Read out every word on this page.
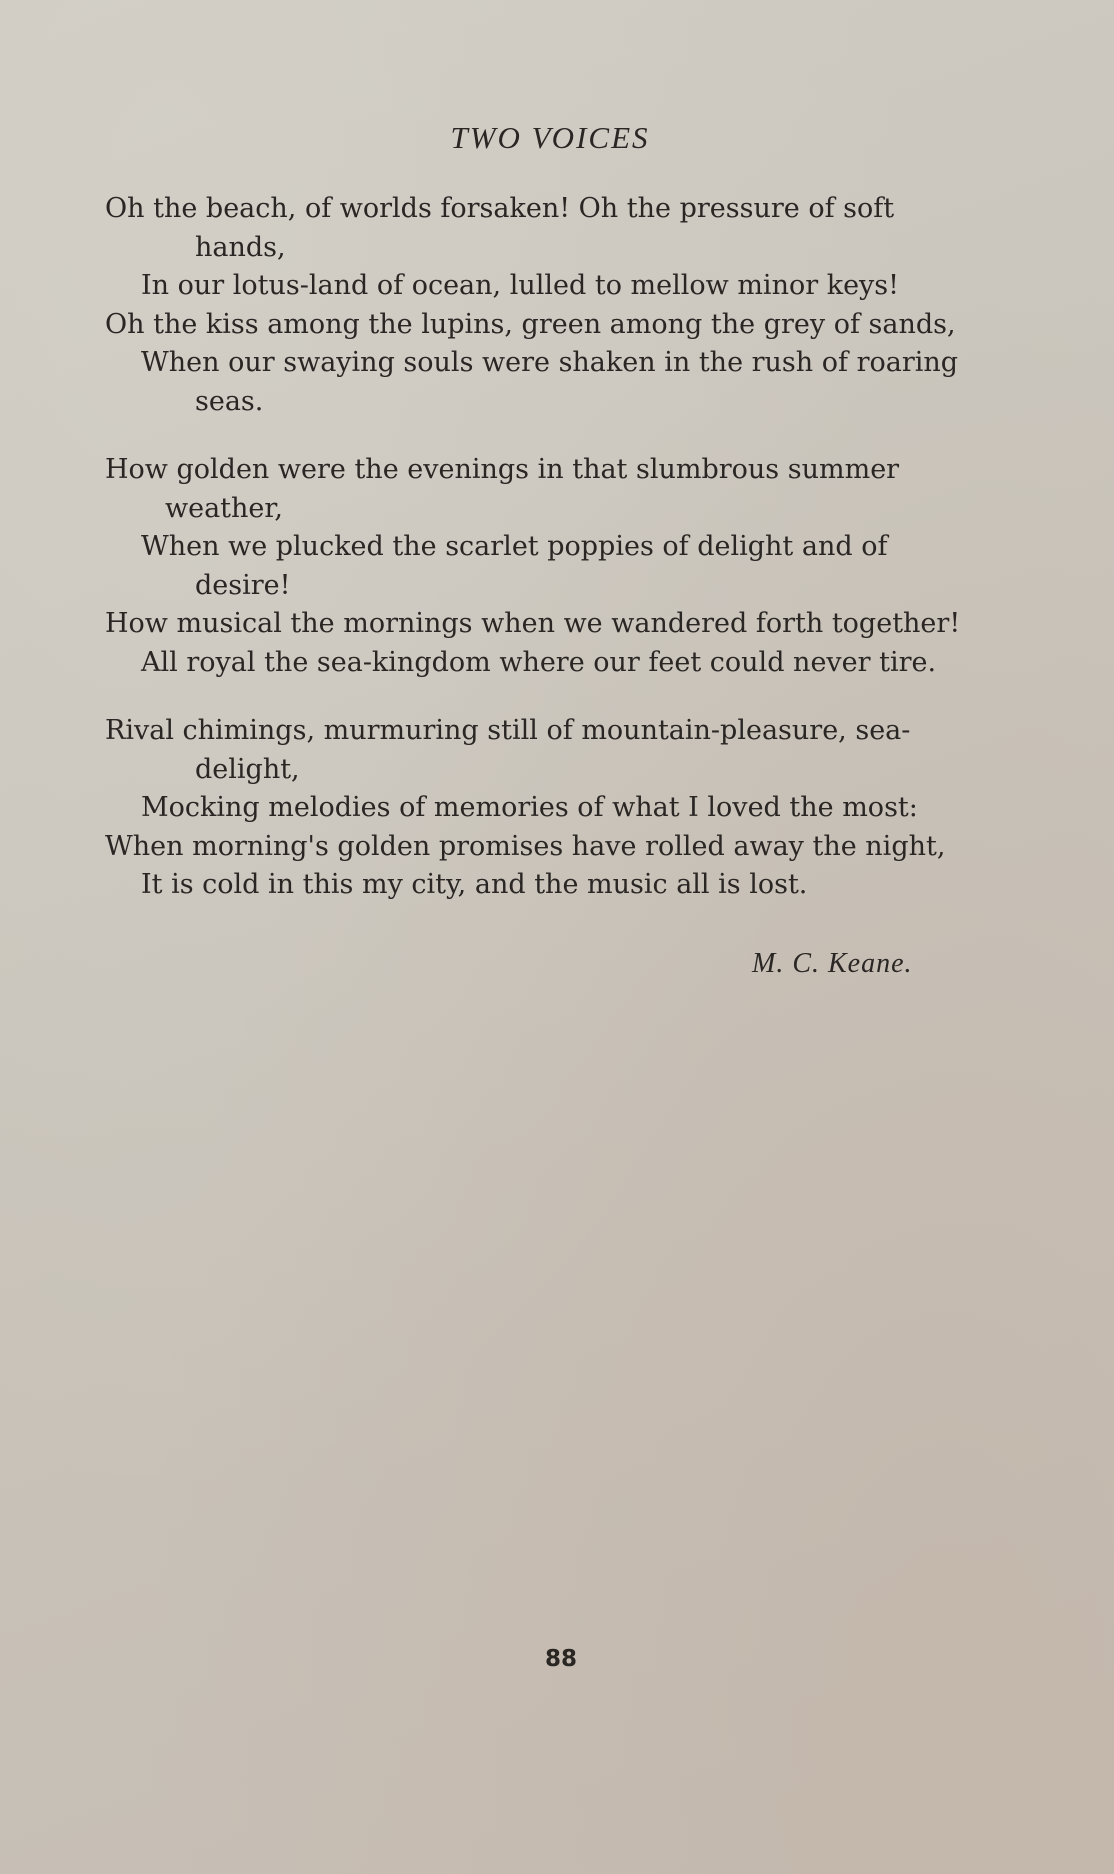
TWO VOICES
Oh the beach, of worlds forsaken! Oh the pressure of soft
hands,
In our lotus-land of ocean, lulled to mellow minor keys!
Oh the kiss among the lupins, green among the grey of sands,
When our swaying souls were shaken in the rush of roaring
seas.
How golden were the evenings in that slumbrous summer
weather,
When we plucked the scarlet poppies of delight and of
desire!
How musical the mornings when we wandered forth together!
All royal the sea-kingdom where our feet could never tire.
Rival chimings, murmuring still of mountain-pleasure, sea-
delight,
Mocking melodies of memories of what I loved the most:
When morning's golden promises have rolled away the night,
It is cold in this my city, and the music all is lost.

M. C. Keane.

88
